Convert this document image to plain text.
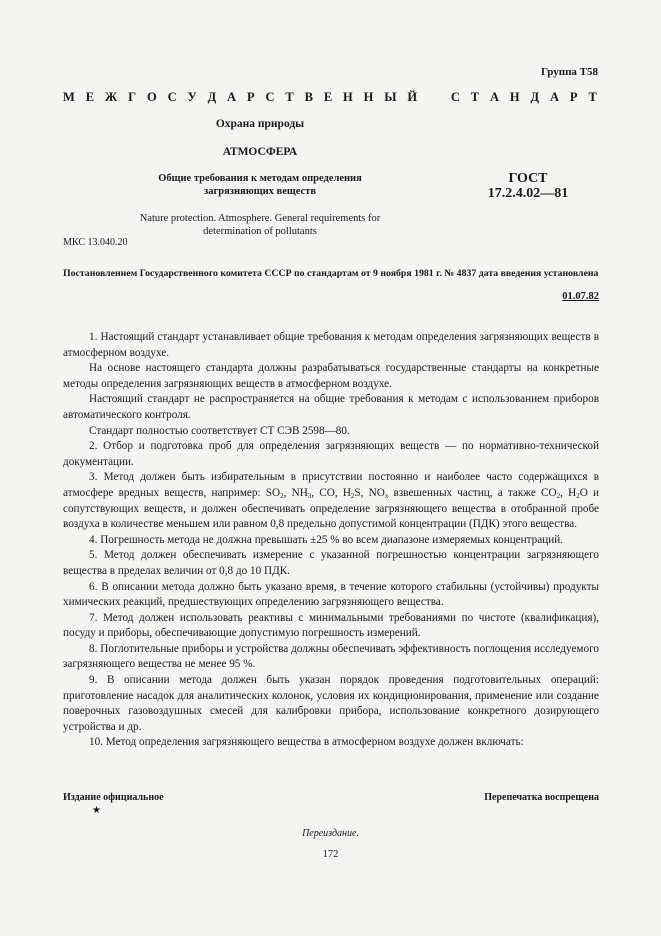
Группа Т58
М Е Ж Г О С У Д А Р С Т В Е Н Н Ы Й	С Т А Н Д А Р Т
Охрана природы
АТМОСФЕРА
Общие требования к методам определения загрязняющих веществ
ГОСТ
17.2.4.02—81
Nature protection. Atmosphere. General requirements for determination of pollutants
МКС 13.040.20
Постановлением Государственного комитета СССР по стандартам от 9 ноября 1981 г. № 4837 дата введения установлена
01.07.82

1. Настоящий стандарт устанавливает общие требования к методам определения загрязняющих веществ в атмосферном воздухе.

На основе настоящего стандарта должны разрабатываться государственные стандарты на конкретные методы определения загрязняющих веществ в атмосферном воздухе.

Настоящий стандарт не распространяется на общие требования к методам с использованием приборов автоматического контроля.

Стандарт полностью соответствует СТ СЭВ 2598—80.

2. Отбор и подготовка проб для определения загрязняющих веществ — по нормативно-технической документации.

3. Метод должен быть избирательным в присутствии постоянно и наиболее часто содержащихся в атмосфере вредных веществ, например: $SO_2$, $NH_3$, CO, $H_2S$, $NO_x$ взвешенных частиц, а также $CO_2$, $H_2O$ и сопутствующих веществ, и должен обеспечивать определение загрязняющего вещества в отобранной пробе воздуха в количестве меньшем или равном 0,8 предельно допустимой концентрации (ПДК) этого вещества.

4. Погрешность метода не должна превышать ±25 % во всем диапазоне измеряемых концентраций.

5. Метод должен обеспечивать измерение с указанной погрешностью концентрации загрязняющего вещества в пределах величин от 0,8 до 10 ПДК.

6. В описании метода должно быть указано время, в течение которого стабильны (устойчивы) продукты химических реакций, предшествующих определению загрязняющего вещества.

7. Метод должен использовать реактивы с минимальными требованиями по чистоте (квалификация), посуду и приборы, обеспечивающие допустимую погрешность измерений.

8. Поглотительные приборы и устройства должны обеспечивать эффективность поглощения исследуемого загрязняющего вещества не менее 95 %.

9. В описании метода должен быть указан порядок проведения подготовительных операций: приготовление насадок для аналитических колонок, условия их кондиционирования, применение или создание поверочных газовоздушных смесей для калибровки прибора, использование конкретного дозирующего устройства и др.

10. Метод определения загрязняющего вещества в атмосферном воздухе должен включать:

Издание официальное	Перепечатка воспрещена
★
Переиздание.
172
